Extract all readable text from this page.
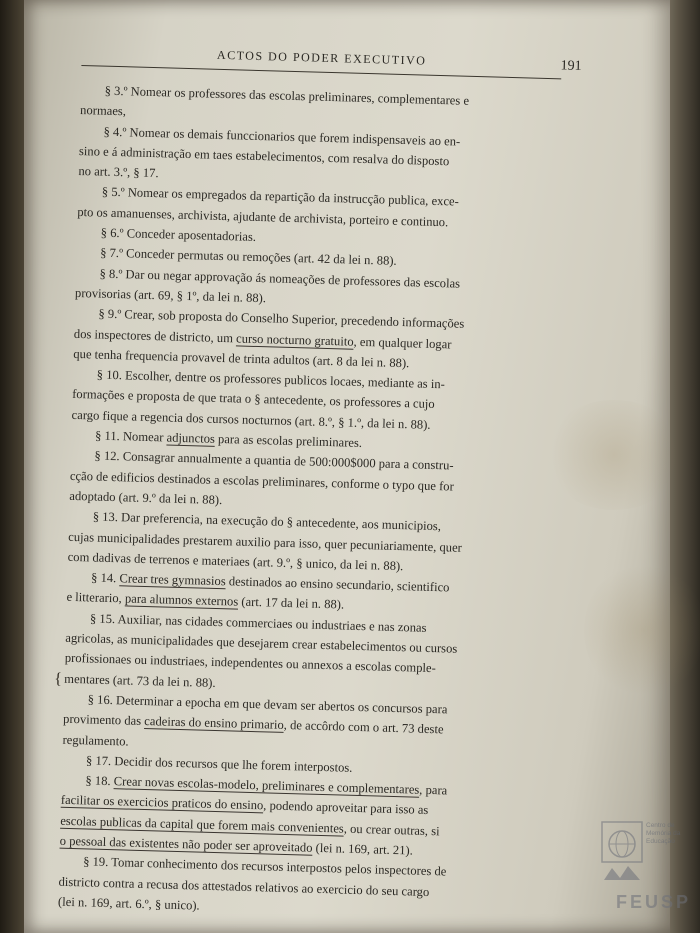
ACTOS DO PODER EXECUTIVO	191
§ 3.º Nomear os professores das escolas preliminares, complementares e
normaes,
§ 4.º Nomear os demais funccionarios que forem indispensaveis ao en-
sino e á administração em taes estabelecimentos, com resalva do disposto
no art. 3.º, § 17.
§ 5.º Nomear os empregados da repartição da instrucção publica, exce-
pto os amanuenses, archivista, ajudante de archivista, porteiro e continuo.
§ 6.º Conceder aposentadorias.
§ 7.º Conceder permutas ou remoções (art. 42 da lei n. 88).
§ 8.º Dar ou negar approvação ás nomeações de professores das escolas
provisorias (art. 69, § 1º, da lei n. 88).
§ 9.º Crear, sob proposta do Conselho Superior, precedendo informações
dos inspectores de districto, um curso nocturno gratuito, em qualquer logar
que tenha frequencia provavel de trinta adultos (art. 8 da lei n. 88).
§ 10. Escolher, dentre os professores publicos locaes, mediante as in-
formações e proposta de que trata o § antecedente, os professores a cujo
cargo fique a regencia dos cursos nocturnos (art. 8.º, § 1.º, da lei n. 88).
§ 11. Nomear adjunctos para as escolas preliminares.
§ 12. Consagrar annualmente a quantia de 500:000$000 para a constru-
cção de edificios destinados a escolas preliminares, conforme o typo que for
adoptado (art. 9.º da lei n. 88).
§ 13. Dar preferencia, na execução do § antecedente, aos municipios,
cujas municipalidades prestarem auxilio para isso, quer pecuniariamente, quer
com dadivas de terrenos e materiaes (art. 9.º, § unico, da lei n. 88).
§ 14. Crear tres gymnasios destinados ao ensino secundario, scientifico
e litterario, para alumnos externos (art. 17 da lei n. 88).
§ 15. Auxiliar, nas cidades commerciaes ou industriaes e nas zonas
agricolas, as municipalidades que desejarem crear estabelecimentos ou cursos
profissionaes ou industriaes, independentes ou annexos a escolas comple-
mentares (art. 73 da lei n. 88).
§ 16. Determinar a epocha em que devam ser abertos os concursos para
provimento das cadeiras do ensino primario, de accôrdo com o art. 73 deste
regulamento.
§ 17. Decidir dos recursos que lhe forem interpostos.
§ 18. Crear novas escolas-modelo, preliminares e complementares, para
facilitar os exercicios praticos do ensino, podendo aproveitar para isso as
escolas publicas da capital que forem mais convenientes, ou crear outras, si
o pessoal das existentes não poder ser aproveitado (lei n. 169, art. 21).
§ 19. Tomar conhecimento dos recursos interpostos pelos inspectores de
districto contra a recusa dos attestados relativos ao exercicio do seu cargo
(lei n. 169, art. 6.º, § unico).
{
Centro de
Memória da
Educação
FEUSP
